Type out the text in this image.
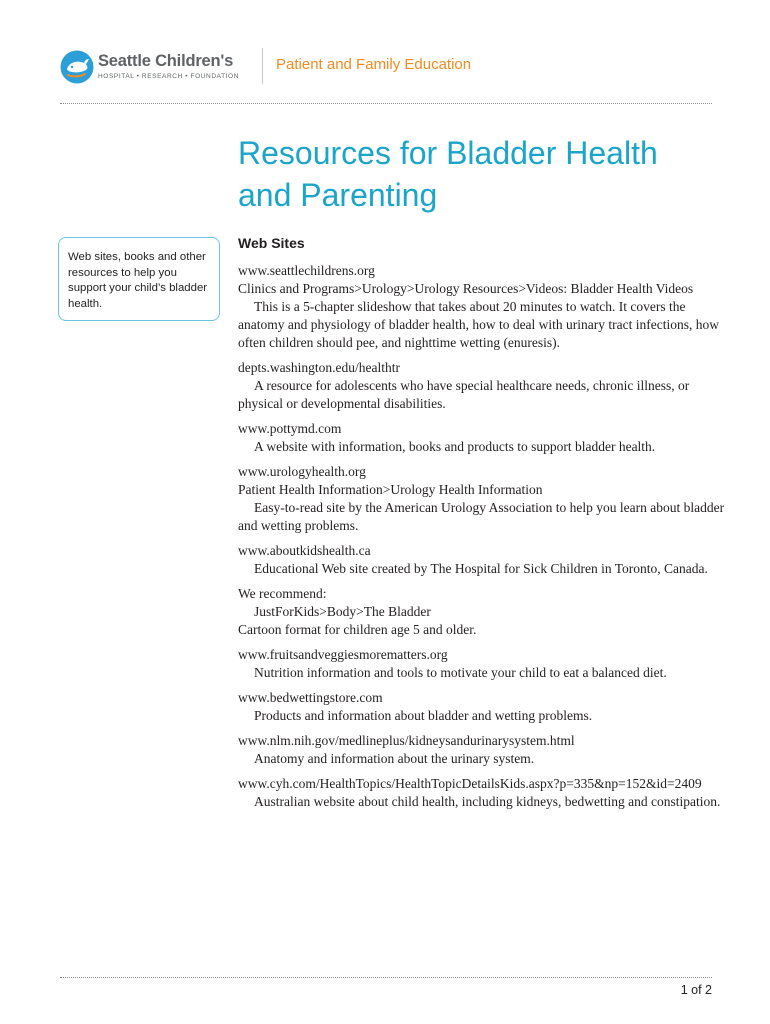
Seattle Children's
HOSPITAL • RESEARCH • FOUNDATION
Patient and Family Education
Resources for Bladder Health and Parenting
Web sites, books and other resources to help you support your child’s bladder health.
Web Sites

www.seattlechildrens.org

Clinics and Programs>Urology>Urology Resources>Videos: Bladder Health Videos

This is a 5-chapter slideshow that takes about 20 minutes to watch. It covers the anatomy and physiology of bladder health, how to deal with urinary tract infections, how often children should pee, and nighttime wetting (enuresis).

depts.washington.edu/healthtr

A resource for adolescents who have special healthcare needs, chronic illness, or physical or developmental disabilities.

www.pottymd.com

A website with information, books and products to support bladder health.

www.urologyhealth.org

Patient Health Information>Urology Health Information

Easy-to-read site by the American Urology Association to help you learn about bladder and wetting problems.

www.aboutkidshealth.ca

Educational Web site created by The Hospital for Sick Children in Toronto, Canada.

We recommend:

JustForKids>Body>The Bladder

Cartoon format for children age 5 and older.

www.fruitsandveggiesmorematters.org

Nutrition information and tools to motivate your child to eat a balanced diet.

www.bedwettingstore.com

Products and information about bladder and wetting problems.

www.nlm.nih.gov/medlineplus/kidneysandurinarysystem.html

Anatomy and information about the urinary system.

www.cyh.com/HealthTopics/HealthTopicDetailsKids.aspx?p=335&np=152&id=2409

Australian website about child health, including kidneys, bedwetting and constipation.

1 of 2
